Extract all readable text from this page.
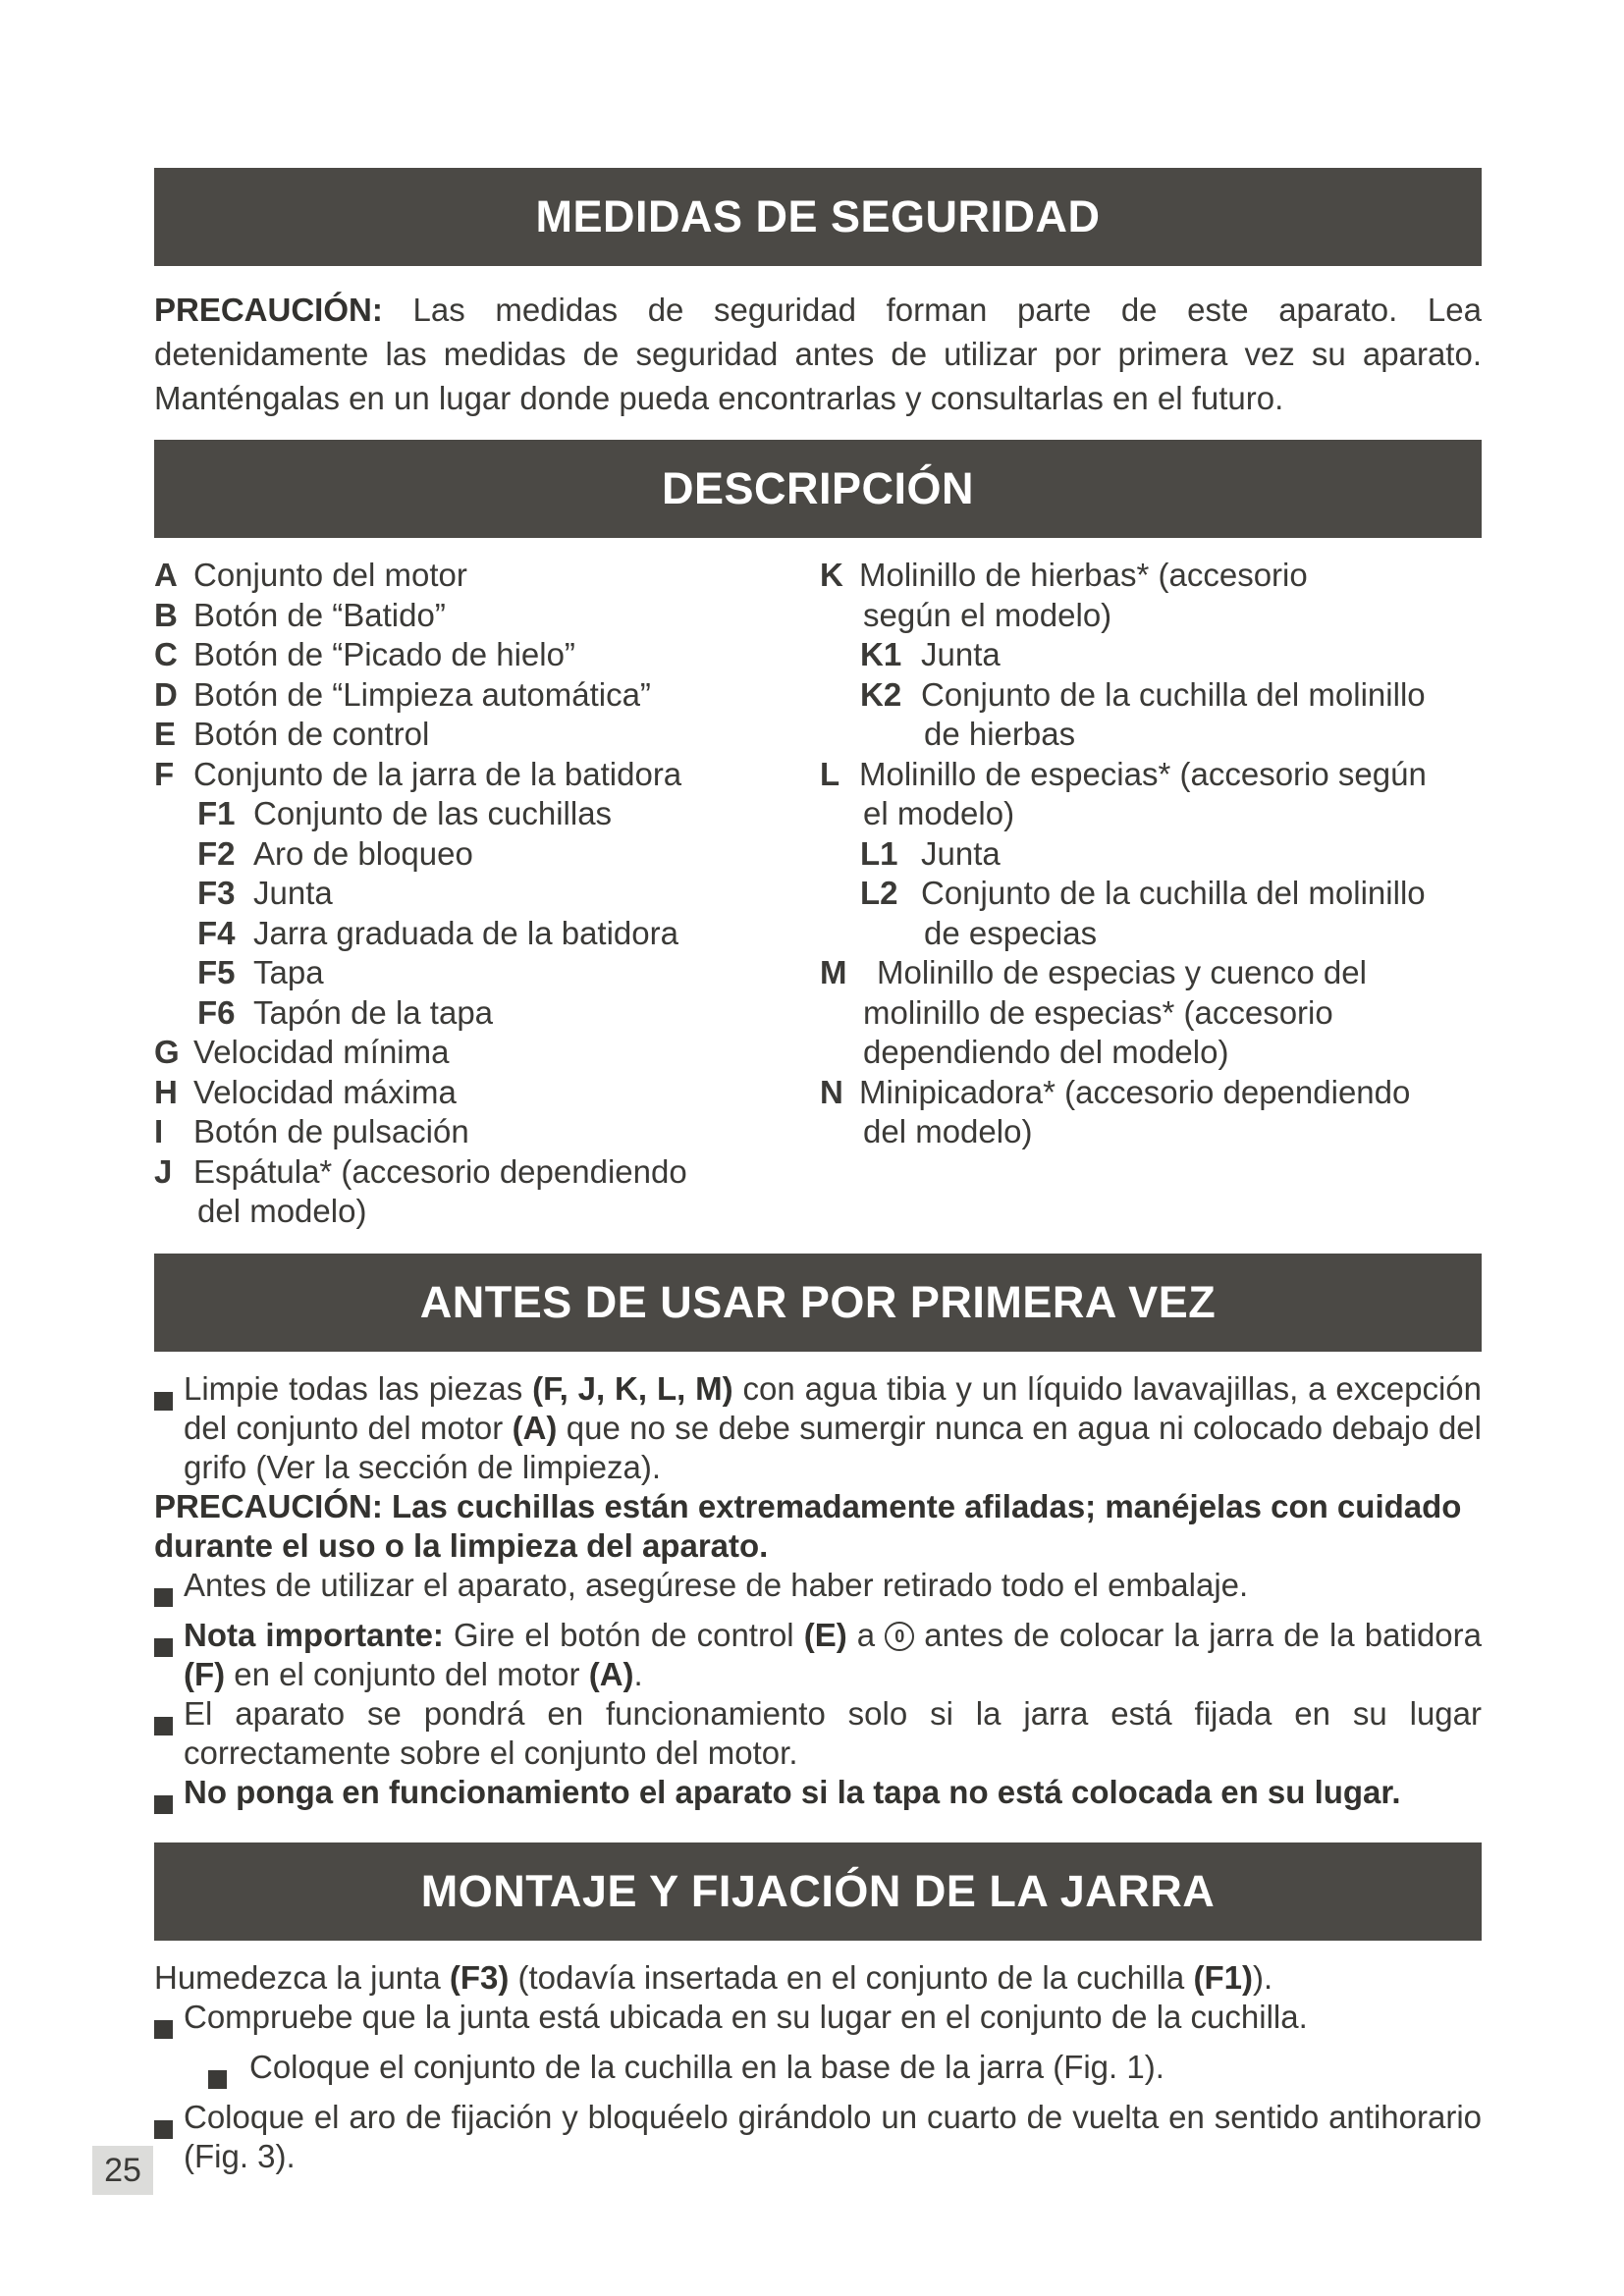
MEDIDAS DE SEGURIDAD

PRECAUCIÓN: Las medidas de seguridad forman parte de este aparato. Lea detenidamente las medidas de seguridad antes de utilizar por primera vez su aparato. Manténgalas en un lugar donde pueda encontrarlas y consultarlas en el futuro.

DESCRIPCIÓN
A Conjunto del motor
B Botón de “Batido”
C Botón de “Picado de hielo”
D Botón de “Limpieza automática”
E Botón de control
F Conjunto de la jarra de la batidora
F1 Conjunto de las cuchillas
F2 Aro de bloqueo
F3 Junta
F4 Jarra graduada de la batidora
F5 Tapa
F6 Tapón de la tapa
G Velocidad mínima
H Velocidad máxima
I Botón de pulsación
J Espátula* (accesorio dependiendo
del modelo)
K Molinillo de hierbas* (accesorio
según el modelo)
K1 Junta
K2 Conjunto de la cuchilla del molinillo
de hierbas
L Molinillo de especias* (accesorio según
el modelo)
L1 Junta
L2 Conjunto de la cuchilla del molinillo
de especias
M Molinillo de especias y cuenco del
molinillo de especias* (accesorio
dependiendo del modelo)
N Minipicadora* (accesorio dependiendo
del modelo)
ANTES DE USAR POR PRIMERA VEZ
Limpie todas las piezas (F, J, K, L, M) con agua tibia y un líquido lavavajillas, a excepción del conjunto del motor (A) que no se debe sumergir nunca en agua ni colocado debajo del grifo (Ver la sección de limpieza).
PRECAUCIÓN: Las cuchillas están extremadamente afiladas; manéjelas con cuidado durante el uso o la limpieza del aparato.
Antes de utilizar el aparato, asegúrese de haber retirado todo el embalaje.
Nota importante: Gire el botón de control (E) a 0 antes de colocar la jarra de la batidora (F) en el conjunto del motor (A).
El aparato se pondrá en funcionamiento solo si la jarra está fijada en su lugar correctamente sobre el conjunto del motor.
No ponga en funcionamiento el aparato si la tapa no está colocada en su lugar.
MONTAJE Y FIJACIÓN DE LA JARRA

Humedezca la junta (F3) (todavía insertada en el conjunto de la cuchilla (F1)).

Compruebe que la junta está ubicada en su lugar en el conjunto de la cuchilla.
Coloque el conjunto de la cuchilla en la base de la jarra (Fig. 1).
Coloque el aro de fijación y bloquéelo girándolo un cuarto de vuelta en sentido antihorario (Fig. 3).
25
